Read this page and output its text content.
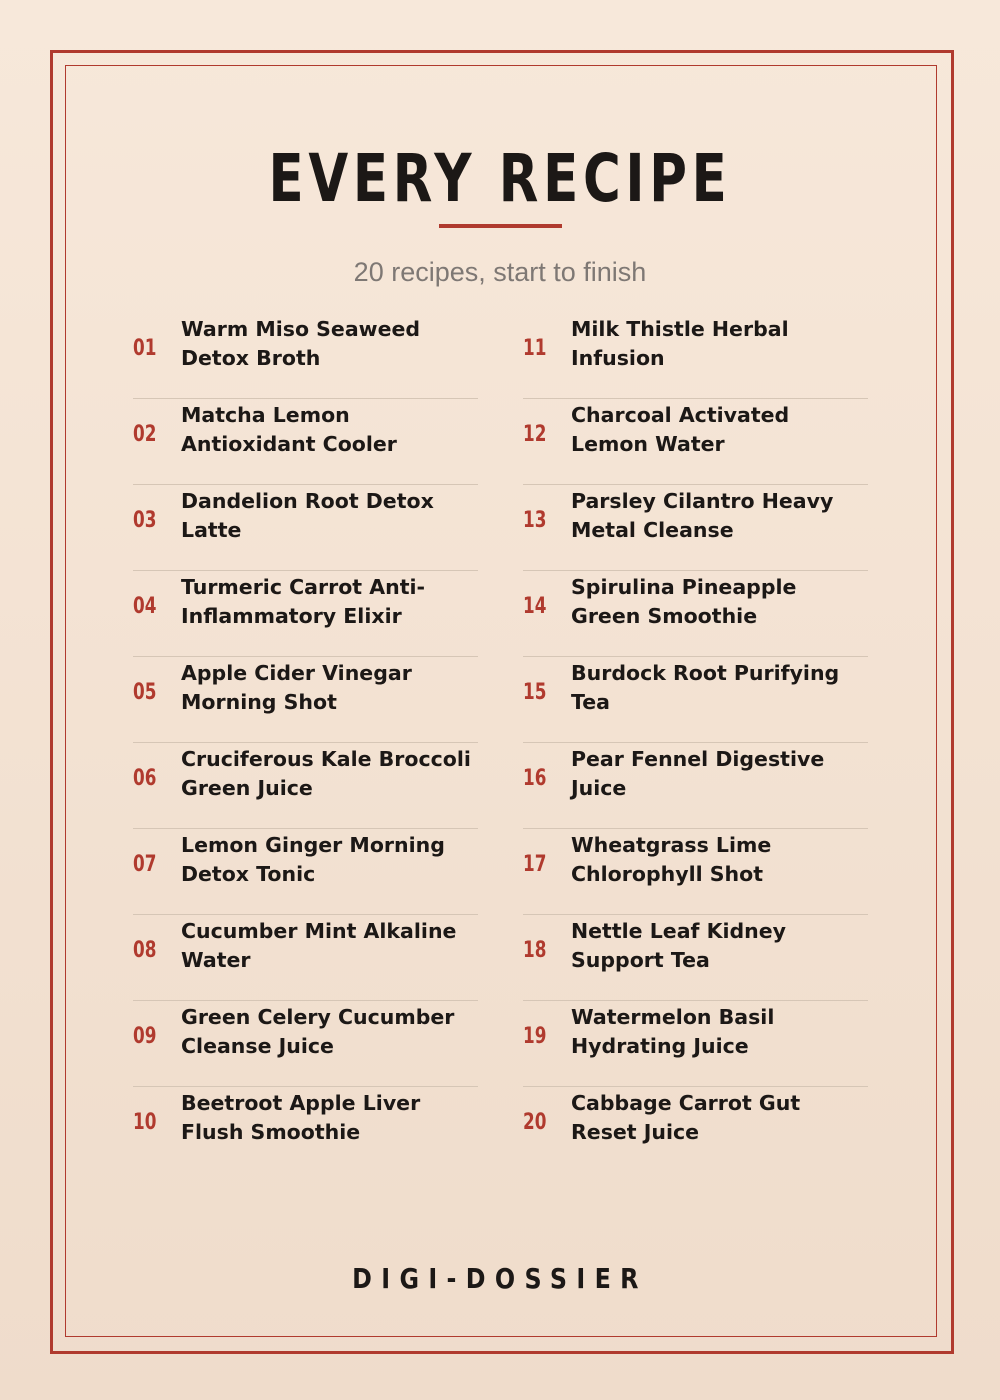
EVERY RECIPE
20 recipes, start to finish
01
Warm Miso Seaweed Detox Broth
02
Matcha Lemon Antioxidant Cooler
03
Dandelion Root Detox Latte
04
Turmeric Carrot Anti-Inflammatory Elixir
05
Apple Cider Vinegar Morning Shot
06
Cruciferous Kale Broccoli Green Juice
07
Lemon Ginger Morning Detox Tonic
08
Cucumber Mint Alkaline Water
09
Green Celery Cucumber Cleanse Juice
10
Beetroot Apple Liver Flush Smoothie
11
Milk Thistle Herbal Infusion
12
Charcoal Activated Lemon Water
13
Parsley Cilantro Heavy Metal Cleanse
14
Spirulina Pineapple Green Smoothie
15
Burdock Root Purifying Tea
16
Pear Fennel Digestive Juice
17
Wheatgrass Lime Chlorophyll Shot
18
Nettle Leaf Kidney Support Tea
19
Watermelon Basil Hydrating Juice
20
Cabbage Carrot Gut Reset Juice
DIGI-DOSSIER
